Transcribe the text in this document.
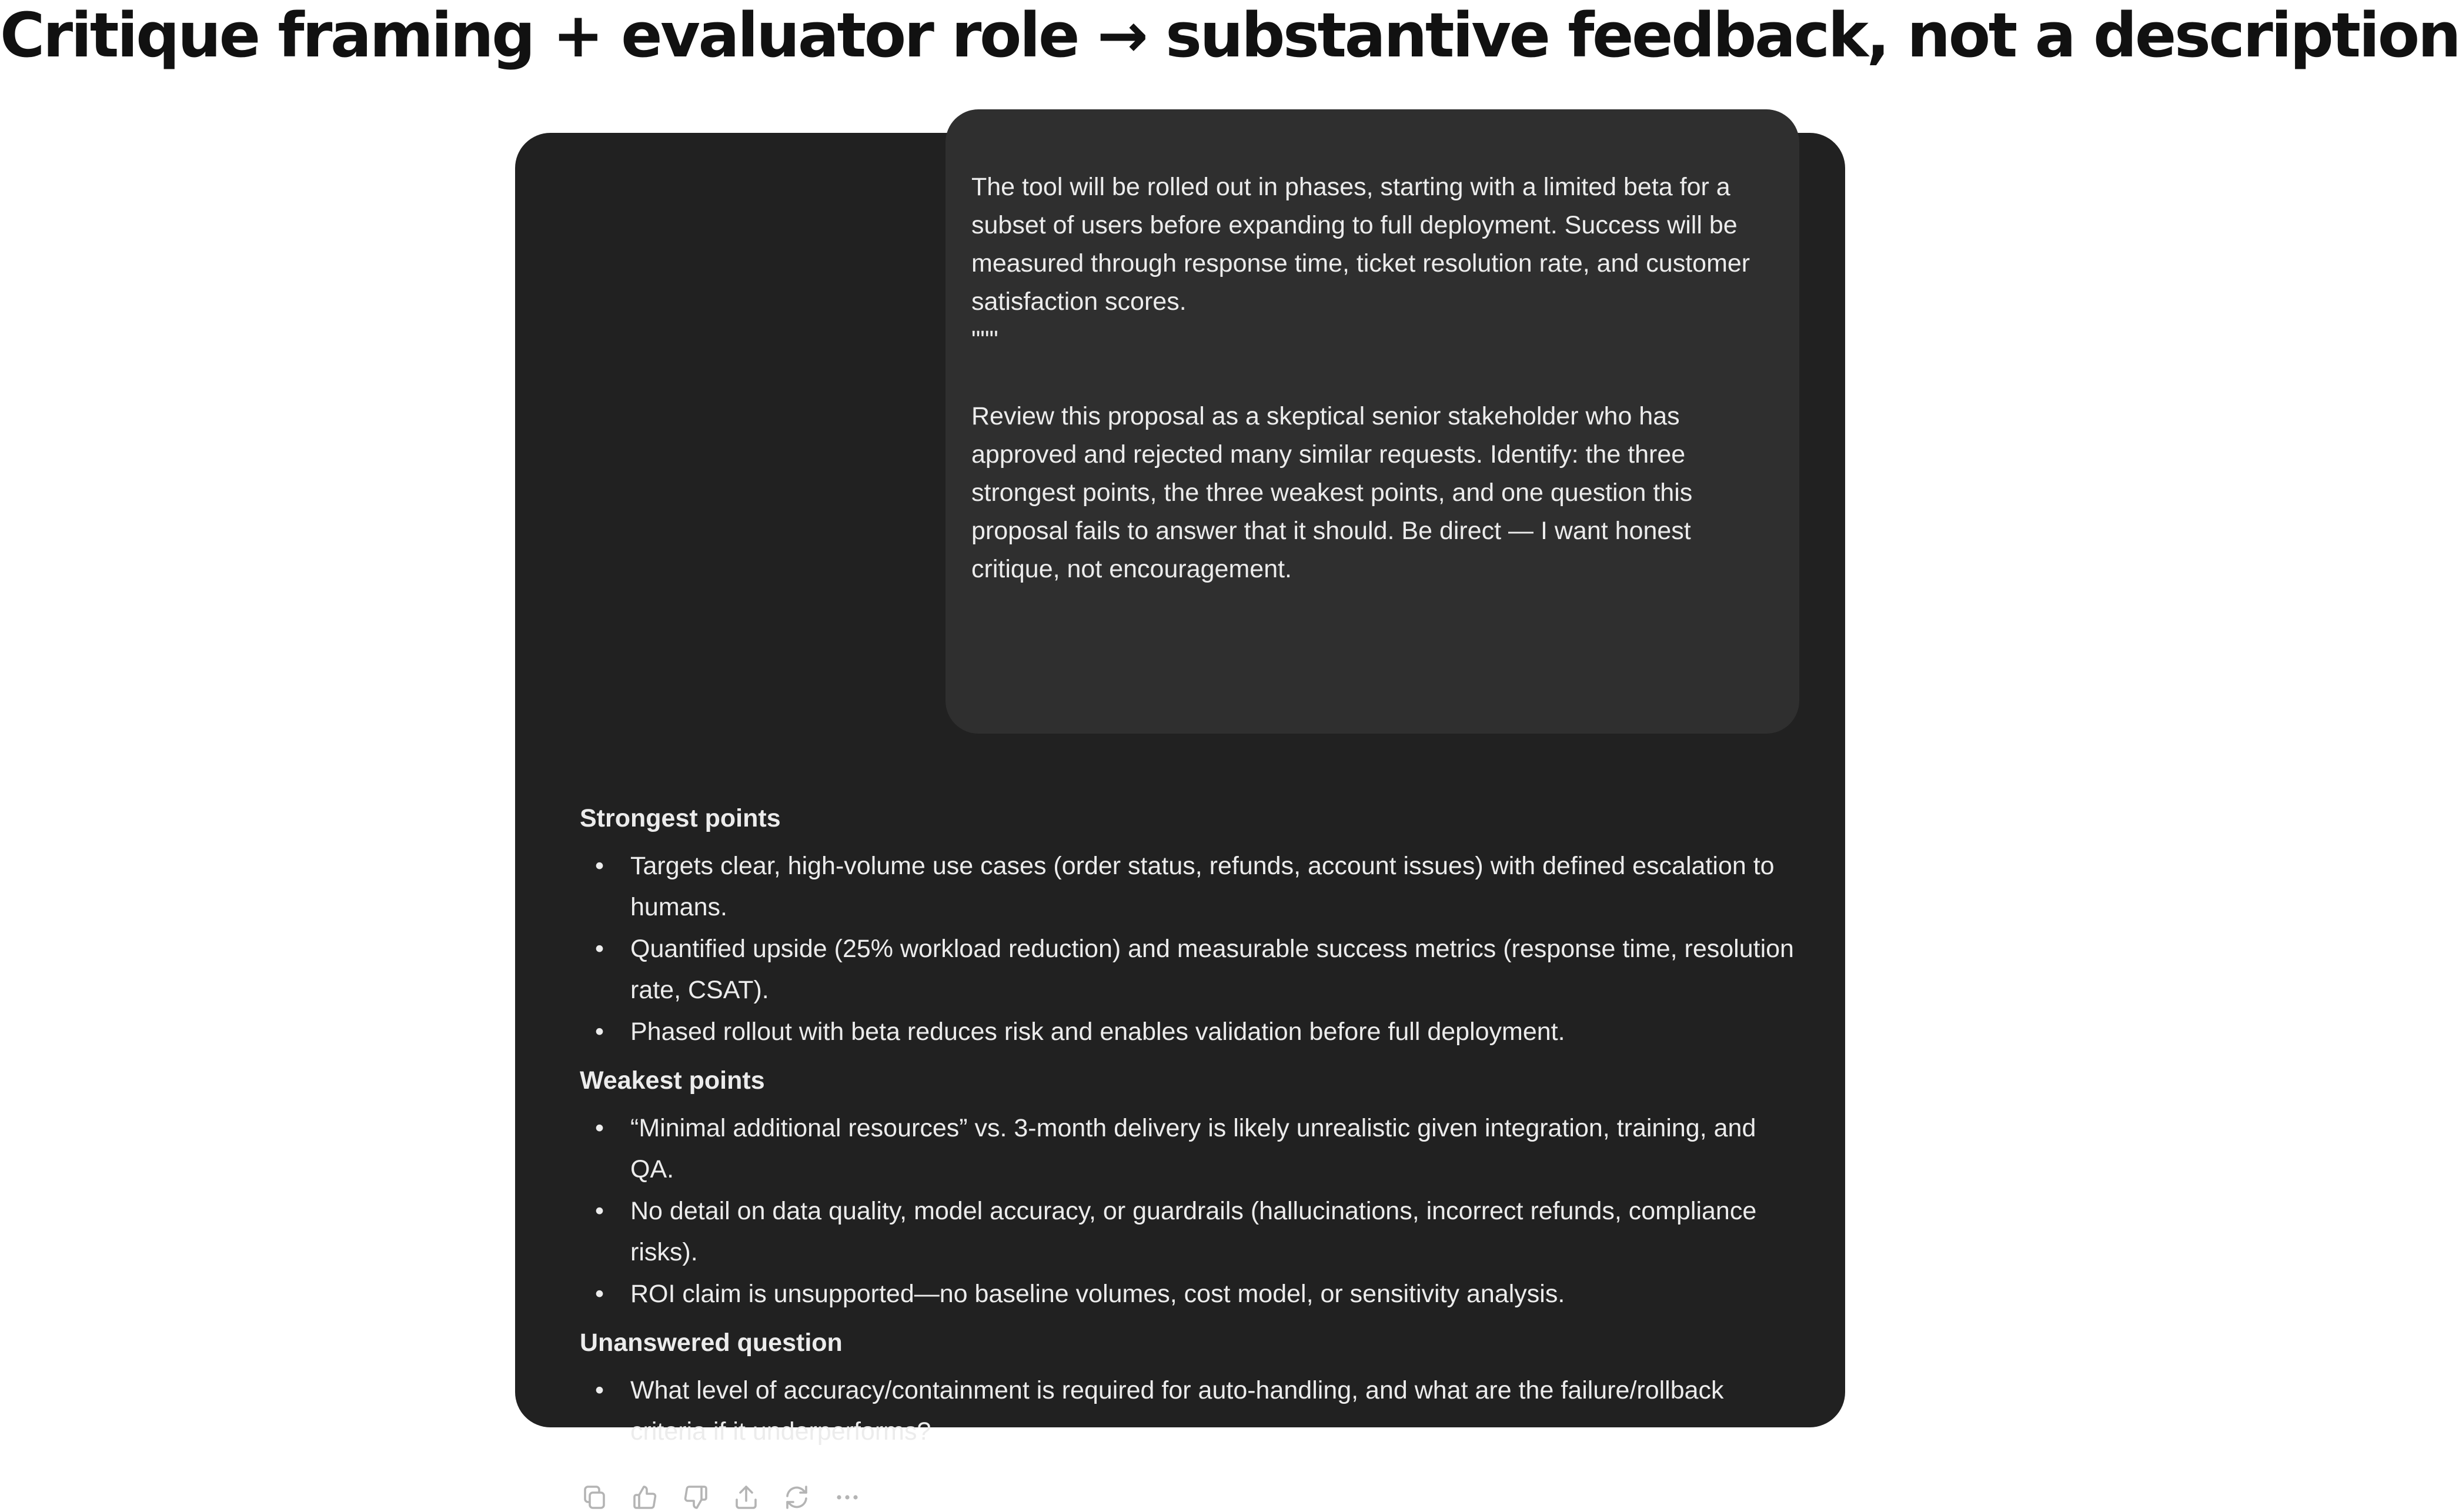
Critique framing + evaluator role → substantive feedback, not a description

The tool will be rolled out in phases, starting with a limited beta for a subset of users before expanding to full deployment. Success will be measured through response time, ticket resolution rate, and customer satisfaction scores.
"""

Review this proposal as a skeptical senior stakeholder who has approved and rejected many similar requests. Identify: the three strongest points, the three weakest points, and one question this proposal fails to answer that it should. Be direct — I want honest critique, not encouragement.

Strongest points
• Targets clear, high-volume use cases (order status, refunds, account issues) with defined escalation to humans.
• Quantified upside (25% workload reduction) and measurable success metrics (response time, resolution rate, CSAT).
• Phased rollout with beta reduces risk and enables validation before full deployment.
Weakest points
• “Minimal additional resources” vs. 3-month delivery is likely unrealistic given integration, training, and QA.
• No detail on data quality, model accuracy, or guardrails (hallucinations, incorrect refunds, compliance risks).
• ROI claim is unsupported—no baseline volumes, cost model, or sensitivity analysis.
Unanswered question
• What level of accuracy/containment is required for auto-handling, and what are the failure/rollback criteria if it underperforms?
